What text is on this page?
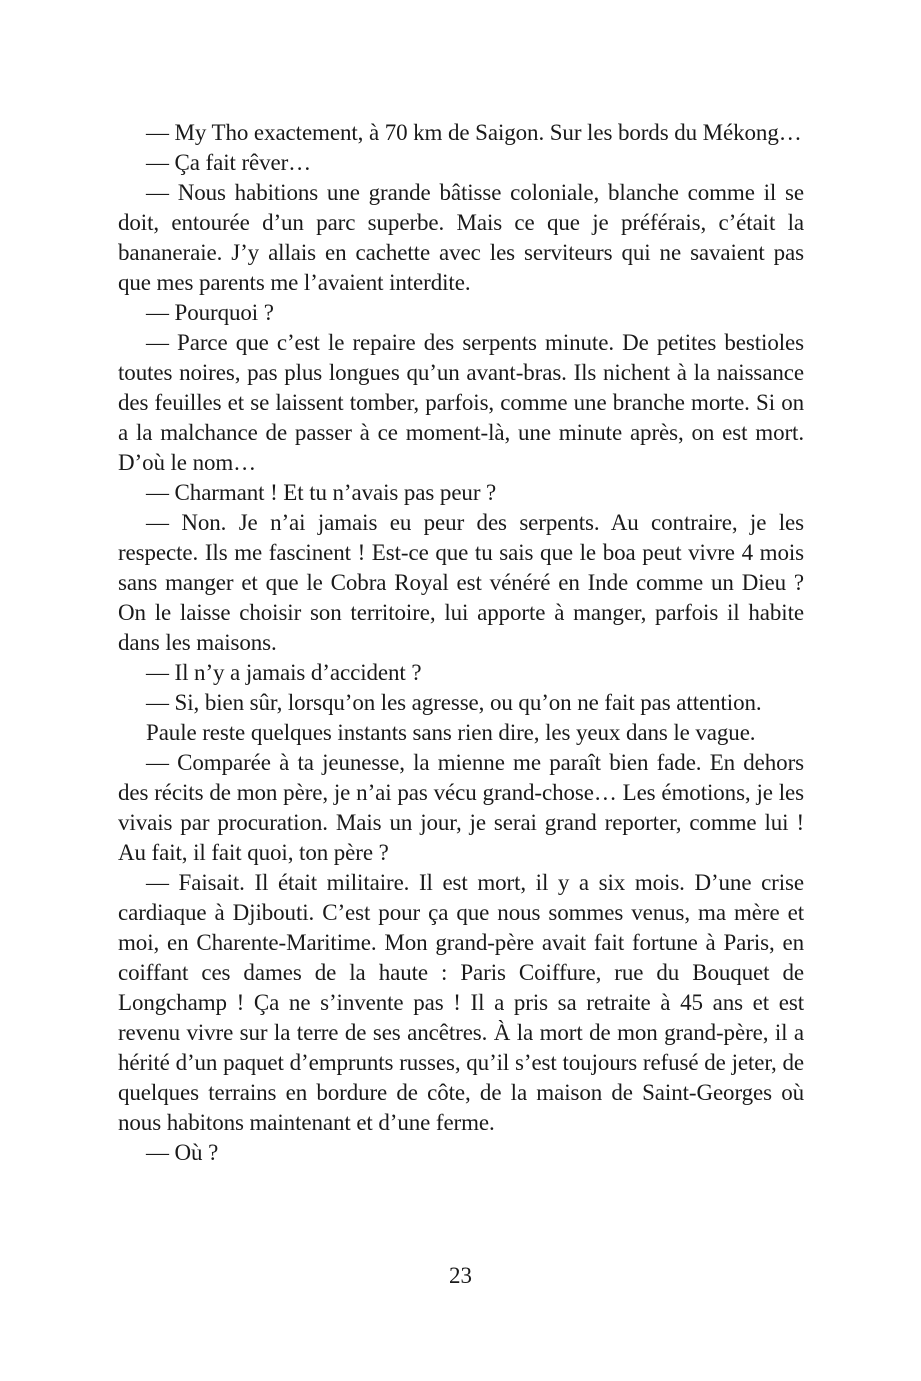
— My Tho exactement, à 70 km de Saigon. Sur les bords du Mékong…

— Ça fait rêver…

— Nous habitions une grande bâtisse coloniale, blanche comme il se doit, entourée d’un parc superbe. Mais ce que je préférais, c’était la bananeraie. J’y allais en cachette avec les serviteurs qui ne savaient pas que mes parents me l’avaient interdite.

— Pourquoi ?

— Parce que c’est le repaire des serpents minute. De petites bestioles toutes noires, pas plus longues qu’un avant-bras. Ils nichent à la naissance des feuilles et se laissent tomber, parfois, comme une branche morte. Si on a la malchance de passer à ce moment-là, une minute après, on est mort. D’où le nom…

— Charmant ! Et tu n’avais pas peur ?

— Non. Je n’ai jamais eu peur des serpents. Au contraire, je les respecte. Ils me fascinent ! Est-ce que tu sais que le boa peut vivre 4 mois sans manger et que le Cobra Royal est vénéré en Inde comme un Dieu ? On le laisse choisir son territoire, lui apporte à manger, parfois il habite dans les maisons.

— Il n’y a jamais d’accident ?

— Si, bien sûr, lorsqu’on les agresse, ou qu’on ne fait pas attention.

Paule reste quelques instants sans rien dire, les yeux dans le vague.

— Comparée à ta jeunesse, la mienne me paraît bien fade. En dehors des récits de mon père, je n’ai pas vécu grand-chose… Les émotions, je les vivais par procuration. Mais un jour, je serai grand reporter, comme lui ! Au fait, il fait quoi, ton père ?

— Faisait. Il était militaire. Il est mort, il y a six mois. D’une crise cardiaque à Djibouti. C’est pour ça que nous sommes venus, ma mère et moi, en Charente-Maritime. Mon grand-père avait fait fortune à Paris, en coiffant ces dames de la haute : Paris Coiffure, rue du Bouquet de Longchamp ! Ça ne s’invente pas ! Il a pris sa retraite à 45 ans et est revenu vivre sur la terre de ses ancêtres. À la mort de mon grand-père, il a hérité d’un paquet d’emprunts russes, qu’il s’est toujours refusé de jeter, de quelques terrains en bordure de côte, de la maison de Saint-Georges où nous habitons maintenant et d’une ferme.

— Où ?

23
